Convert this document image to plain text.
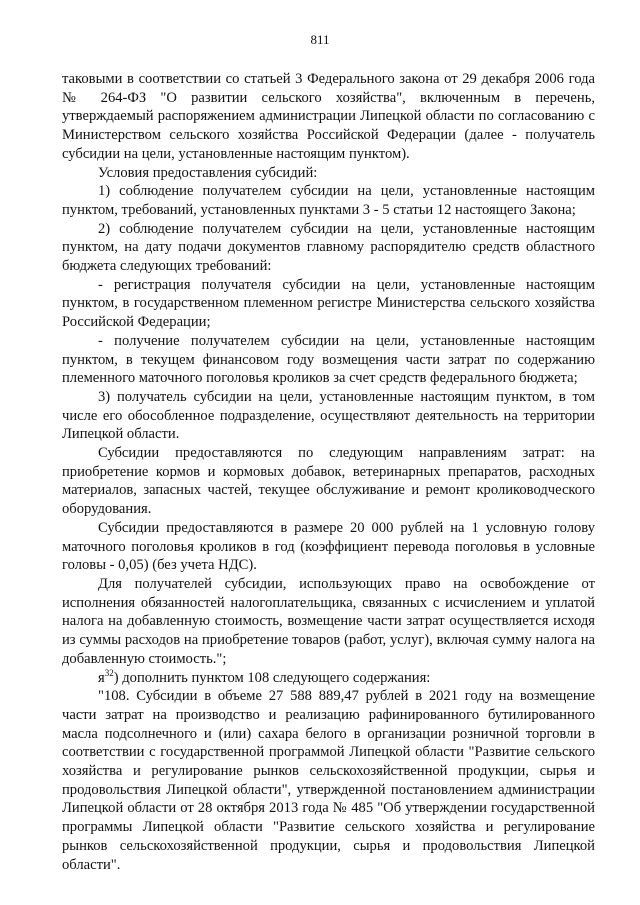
811

таковыми в соответствии со статьей 3 Федерального закона от 29 декабря 2006 года № 264-ФЗ "О развитии сельского хозяйства", включенным в перечень, утверждаемый распоряжением администрации Липецкой области по согласованию с Министерством сельского хозяйства Российской Федерации (далее - получатель субсидии на цели, установленные настоящим пунктом).

Условия предоставления субсидий:

1) соблюдение получателем субсидии на цели, установленные настоящим пунктом, требований, установленных пунктами 3 - 5 статьи 12 настоящего Закона;

2) соблюдение получателем субсидии на цели, установленные настоящим пунктом, на дату подачи документов главному распорядителю средств областного бюджета следующих требований:

- регистрация получателя субсидии на цели, установленные настоящим пунктом, в государственном племенном регистре Министерства сельского хозяйства Российской Федерации;

- получение получателем субсидии на цели, установленные настоящим пунктом, в текущем финансовом году возмещения части затрат по содержанию племенного маточного поголовья кроликов за счет средств федерального бюджета;

3) получатель субсидии на цели, установленные настоящим пунктом, в том числе его обособленное подразделение, осуществляют деятельность на территории Липецкой области.

Субсидии предоставляются по следующим направлениям затрат: на приобретение кормов и кормовых добавок, ветеринарных препаратов, расходных материалов, запасных частей, текущее обслуживание и ремонт кролиководческого оборудования.

Субсидии предоставляются в размере 20 000 рублей на 1 условную голову маточного поголовья кроликов в год (коэффициент перевода поголовья в условные головы - 0,05) (без учета НДС).

Для получателей субсидии, использующих право на освобождение от исполнения обязанностей налогоплательщика, связанных с исчислением и уплатой налога на добавленную стоимость, возмещение части затрат осуществляется исходя из суммы расходов на приобретение товаров (работ, услуг), включая сумму налога на добавленную стоимость.";

я$^{32}$) дополнить пунктом 108 следующего содержания:

"108. Субсидии в объеме 27 588 889,47 рублей в 2021 году на возмещение части затрат на производство и реализацию рафинированного бутилированного масла подсолнечного и (или) сахара белого в организации розничной торговли в соответствии с государственной программой Липецкой области "Развитие сельского хозяйства и регулирование рынков сельскохозяйственной продукции, сырья и продовольствия Липецкой области", утвержденной постановлением администрации Липецкой области от 28 октября 2013 года № 485 "Об утверждении государственной программы Липецкой области "Развитие сельского хозяйства и регулирование рынков сельскохозяйственной продукции, сырья и продовольствия Липецкой области".
